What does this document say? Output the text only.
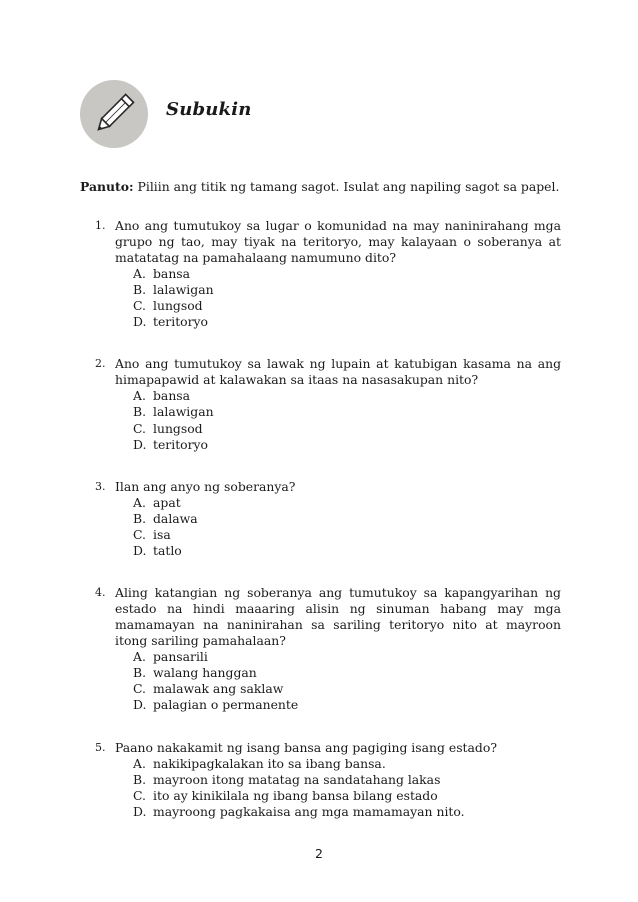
Subukin
Panuto: Piliin ang titik ng tamang sagot. Isulat ang napiling sagot sa papel.
1. Ano ang tumutukoy sa lugar o komunidad na may naninirahang mga grupo ng tao, may tiyak na teritoryo, may kalayaan o soberanya at matatatag na pamahalaang namumuno dito?
A. bansa
B. lalawigan
C. lungsod
D. teritoryo
2. Ano ang tumutukoy sa lawak ng lupain at katubigan kasama na ang himapapawid at kalawakan sa itaas na nasasakupan nito?
A. bansa
B. lalawigan
C. lungsod
D. teritoryo
3. Ilan ang anyo ng soberanya?
A. apat
B. dalawa
C. isa
D. tatlo
4. Aling katangian ng soberanya ang tumutukoy sa kapangyarihan ng estado na hindi maaaring alisin ng sinuman habang may mga mamamayan na naninirahan sa sariling teritoryo nito at mayroon itong sariling pamahalaan?
A. pansarili
B. walang hanggan
C. malawak ang saklaw
D. palagian o permanente
5. Paano nakakamit ng isang bansa ang pagiging isang estado?
A. nakikipagkalakan ito sa ibang bansa.
B. mayroon itong matatag na sandatahang lakas
C. ito ay kinikilala ng ibang bansa bilang estado
D. mayroong pagkakaisa ang mga mamamayan nito.
2
